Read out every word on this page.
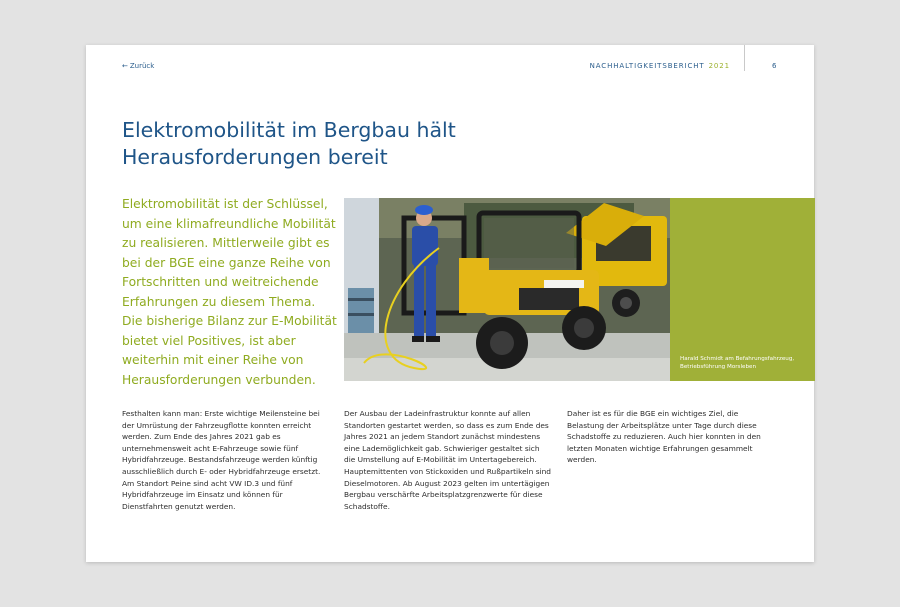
← Zurück	NACHHALTIGKEITSBERICHT 2021	6
Elektromobilität im Bergbau hält
Herausforderungen bereit
Elektromobilität ist der Schlüssel, um eine klimafreundliche Mobilität zu realisieren. Mittlerweile gibt es bei der BGE eine ganze Reihe von Fortschritten und weitreichende Erfahrungen zu diesem Thema. Die bisherige Bilanz zur E-Mobilität bietet viel Positives, ist aber weiterhin mit einer Reihe von Herausforderungen verbunden.
Harald Schmidt am Befahrungsfahrzeug, Betriebsführung Morsleben
Festhalten kann man: Erste wichtige Meilensteine bei der Umrüstung der Fahrzeugflotte konnten erreicht werden. Zum Ende des Jahres 2021 gab es unternehmensweit acht E-Fahrzeuge sowie fünf Hybridfahrzeuge. Bestandsfahrzeuge werden künftig ausschließlich durch E- oder Hybridfahrzeuge ersetzt. Am Standort Peine sind acht VW ID.3 und fünf Hybridfahrzeuge im Einsatz und können für Dienstfahrten genutzt werden.
Der Ausbau der Ladeinfrastruktur konnte auf allen Standorten gestartet werden, so dass es zum Ende des Jahres 2021 an jedem Standort zunächst mindestens eine Lademöglichkeit gab. Schwieriger gestaltet sich die Umstellung auf E-Mobilität im Untertagebereich. Hauptemittenten von Stickoxiden und Rußpartikeln sind Dieselmotoren. Ab August 2023 gelten im untertägigen Bergbau verschärfte Arbeitsplatzgrenzwerte für diese Schadstoffe.
Daher ist es für die BGE ein wichtiges Ziel, die Belastung der Arbeitsplätze unter Tage durch diese Schadstoffe zu reduzieren. Auch hier konnten in den letzten Monaten wichtige Erfahrungen gesammelt werden.
